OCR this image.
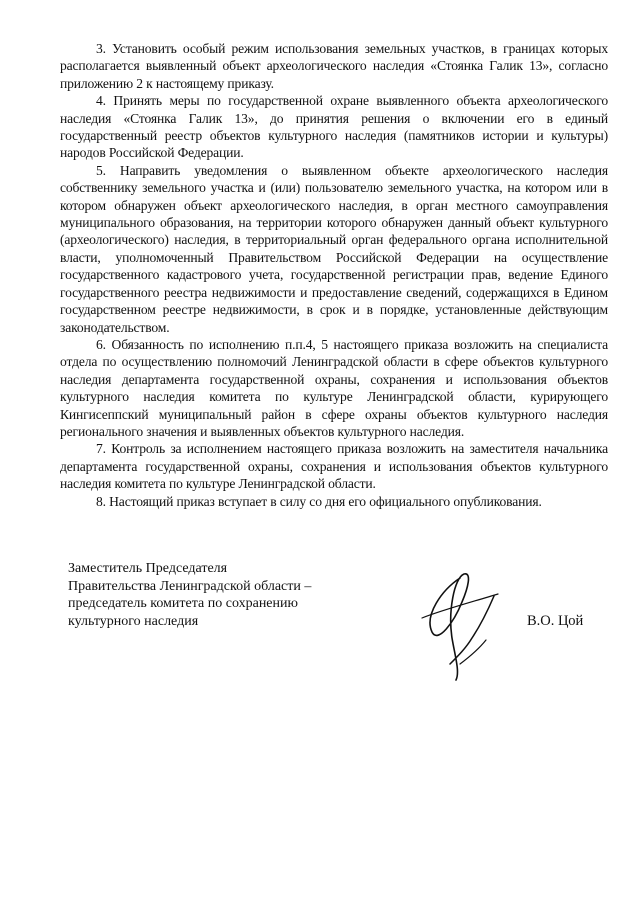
3. Установить особый режим использования земельных участков, в границах которых располагается выявленный объект археологического наследия «Стоянка Галик 13», согласно приложению 2 к настоящему приказу.

4. Принять меры по государственной охране выявленного объекта археологического наследия «Стоянка Галик 13», до принятия решения о включении его в единый государственный реестр объектов культурного наследия (памятников истории и культуры) народов Российской Федерации.

5. Направить уведомления о выявленном объекте археологического наследия собственнику земельного участка и (или) пользователю земельного участка, на котором или в котором обнаружен объект археологического наследия, в орган местного самоуправления муниципального образования, на территории которого обнаружен данный объект культурного (археологического) наследия, в территориальный орган федерального органа исполнительной власти, уполномоченный Правительством Российской Федерации на осуществление государственного кадастрового учета, государственной регистрации прав, ведение Единого государственного реестра недвижимости и предоставление сведений, содержащихся в Едином государственном реестре недвижимости, в срок и в порядке, установленные действующим законодательством.

6. Обязанность по исполнению п.п.4, 5 настоящего приказа возложить на специалиста отдела по осуществлению полномочий Ленинградской области в сфере объектов культурного наследия департамента государственной охраны, сохранения и использования объектов культурного наследия комитета по культуре Ленинградской области, курирующего Кингисеппский муниципальный район в сфере охраны объектов культурного наследия регионального значения и выявленных объектов культурного наследия.

7. Контроль за исполнением настоящего приказа возложить на заместителя начальника департамента государственной охраны, сохранения и использования объектов культурного наследия комитета по культуре Ленинградской области.

8. Настоящий приказ вступает в силу со дня его официального опубликования.

Заместитель Председателя
Правительства Ленинградской области –
председатель комитета по сохранению
культурного наследия	В.О. Цой
